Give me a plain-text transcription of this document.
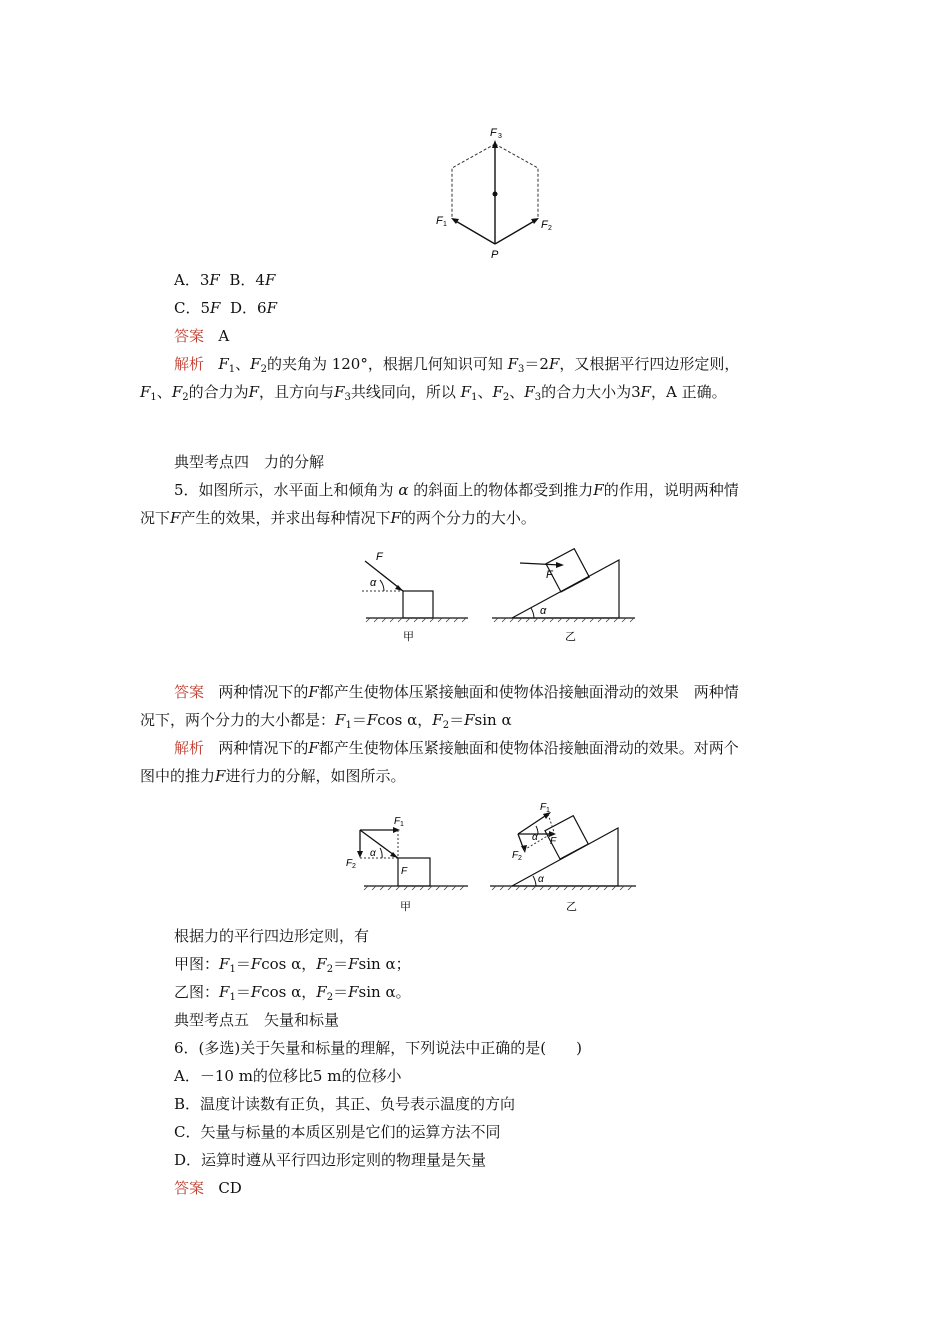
F 3
F 1	F 2
P
A．3F B．4F
C．5F D．6F
答案 A
解析 $F_1$、$F_2$的夹角为 120°，根据几何知识可知 $F_3=2F$，又根据平行四边形定则，
$F_1$、$F_2$的合力为F，且方向与$F_3$共线同向，所以 $F_1$、$F_2$、$F_3$的合力大小为3F，A 正确。
典型考点四　力的分解
5．如图所示，水平面上和倾角为 α 的斜面上的物体都受到推力F的作用，说明两种情
况下F产生的效果，并求出每种情况下F的两个分力的大小。
F
α
甲
F
α
乙
答案 两种情况下的F都产生使物体压紧接触面和使物体沿接触面滑动的效果　两种情
况下，两个分力的大小都是：$F_1=Fcos$ α，$F_2=Fsin$ α
解析 两种情况下的F都产生使物体压紧接触面和使物体沿接触面滑动的效果。对两个
图中的推力F进行力的分解，如图所示。
F 1
F 2
α
F
甲
F 1
F 2
α F
α
乙
根据力的平行四边形定则，有
甲图：$F_1=Fcos$ α，$F_2=Fsin$ α；
乙图：$F_1=Fcos$ α，$F_2=Fsin$ α。
典型考点五　矢量和标量
6．(多选)关于矢量和标量的理解，下列说法中正确的是(　　)
A．－10 m的位移比5 m的位移小
B．温度计读数有正负，其正、负号表示温度的方向
C．矢量与标量的本质区别是它们的运算方法不同
D．运算时遵从平行四边形定则的物理量是矢量
答案 CD
